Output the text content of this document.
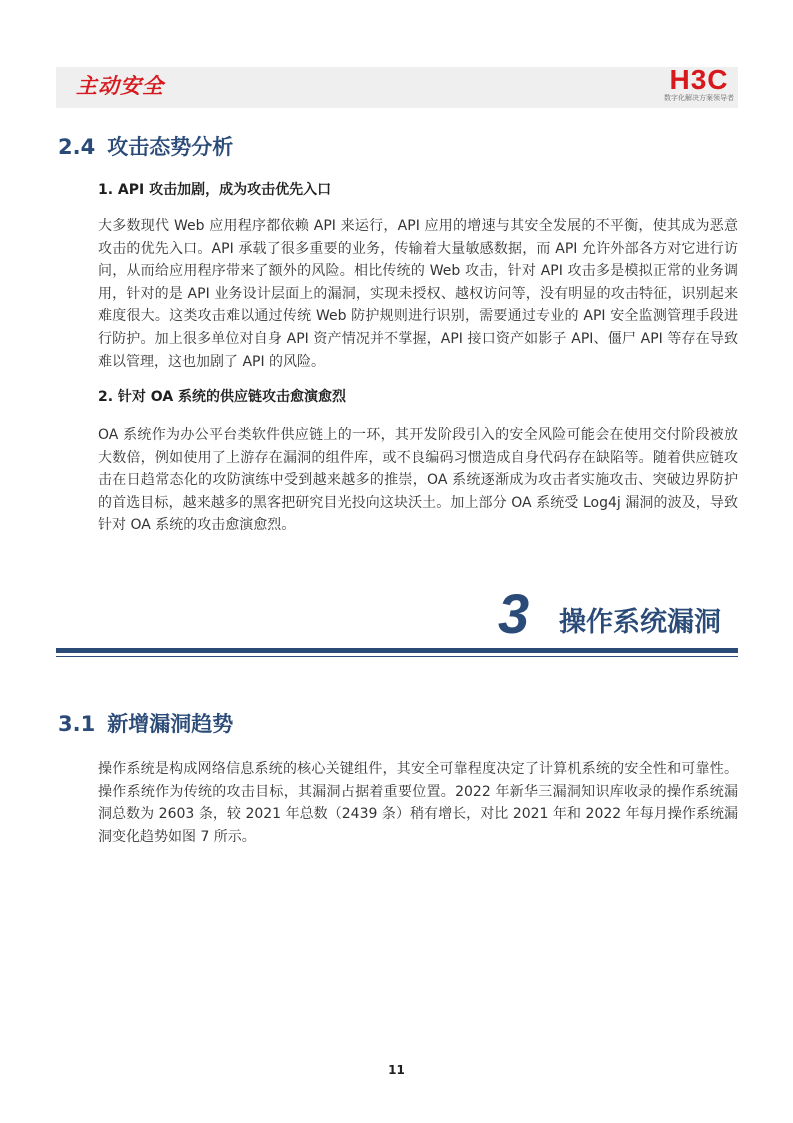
主动安全	H3C
数字化解决方案领导者
2.4 攻击态势分析
1. API 攻击加剧，成为攻击优先入口

大多数现代 Web 应用程序都依赖 API 来运行，API 应用的增速与其安全发展的不平衡，使其成为恶意攻击的优先入口。API 承载了很多重要的业务，传输着大量敏感数据，而 API 允许外部各方对它进行访问，从而给应用程序带来了额外的风险。相比传统的 Web 攻击，针对 API 攻击多是模拟正常的业务调用，针对的是 API 业务设计层面上的漏洞，实现未授权、越权访问等，没有明显的攻击特征，识别起来难度很大。这类攻击难以通过传统 Web 防护规则进行识别，需要通过专业的 API 安全监测管理手段进行防护。加上很多单位对自身 API 资产情况并不掌握，API 接口资产如影子 API、僵尸 API 等存在导致难以管理，这也加剧了 API 的风险。

2. 针对 OA 系统的供应链攻击愈演愈烈

OA 系统作为办公平台类软件供应链上的一环，其开发阶段引入的安全风险可能会在使用交付阶段被放大数倍，例如使用了上游存在漏洞的组件库，或不良编码习惯造成自身代码存在缺陷等。随着供应链攻击在日趋常态化的攻防演练中受到越来越多的推崇，OA 系统逐渐成为攻击者实施攻击、突破边界防护的首选目标，越来越多的黑客把研究目光投向这块沃土。加上部分 OA 系统受 Log4j 漏洞的波及，导致针对 OA 系统的攻击愈演愈烈。

3 操作系统漏洞
3.1 新增漏洞趋势

操作系统是构成网络信息系统的核心关键组件，其安全可靠程度决定了计算机系统的安全性和可靠性。操作系统作为传统的攻击目标，其漏洞占据着重要位置。2022 年新华三漏洞知识库收录的操作系统漏洞总数为 2603 条，较 2021 年总数（2439 条）稍有增长，对比 2021 年和 2022 年每月操作系统漏洞变化趋势如图 7 所示。

11
